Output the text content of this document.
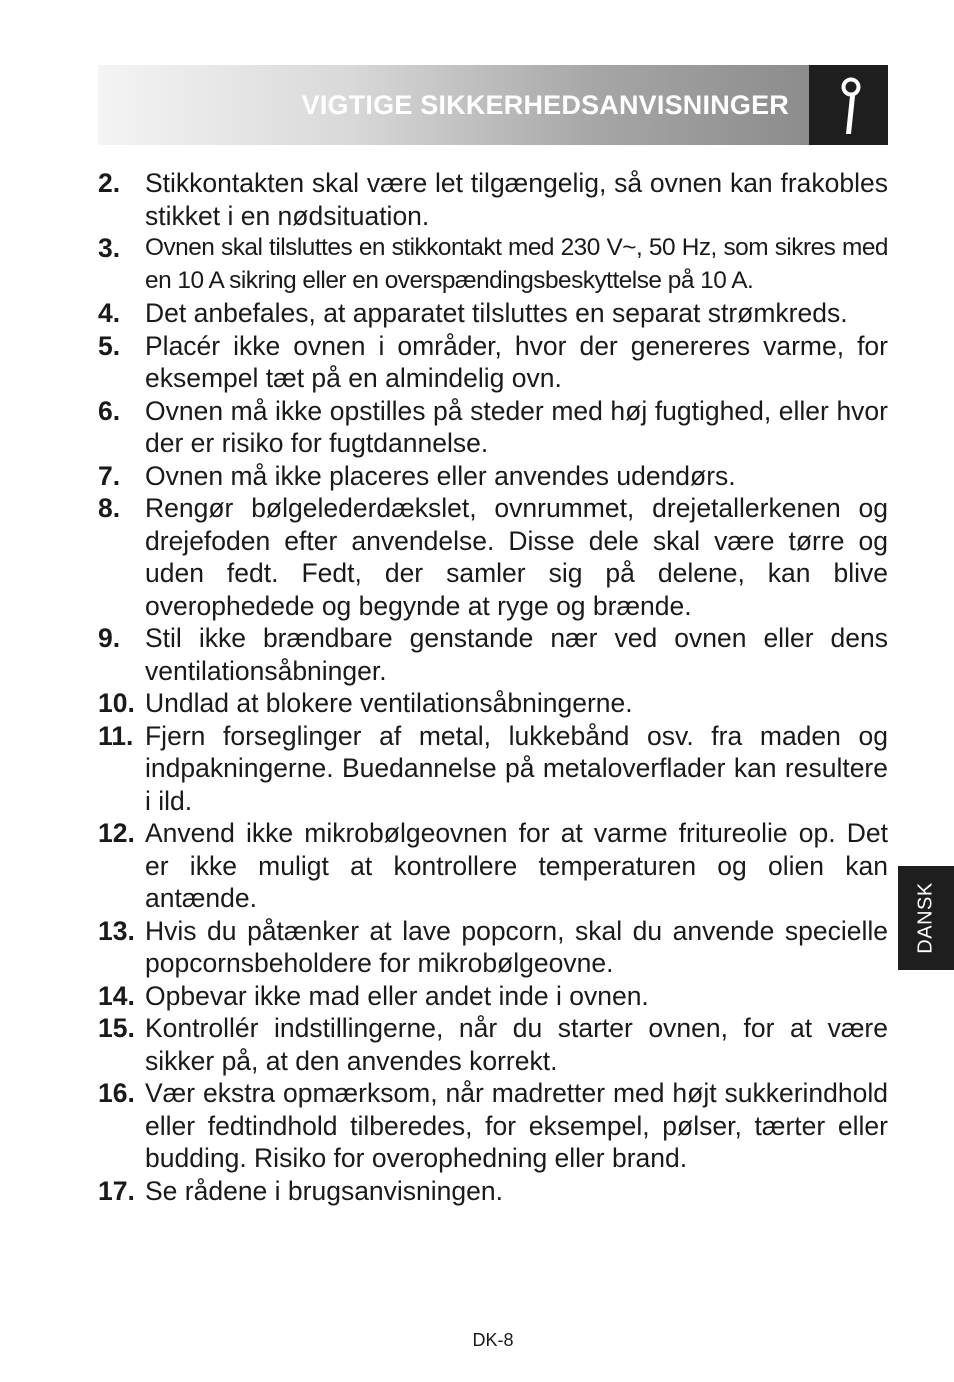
VIGTIGE SIKKERHEDSANVISNINGER
2. Stikkontakten skal være let tilgængelig, så ovnen kan frakobles stikket i en nødsituation.
3. Ovnen skal tilsluttes en stikkontakt med 230 V~, 50 Hz, som sikres med en 10 A sikring eller en overspændingsbeskyttelse på 10 A.
4. Det anbefales, at apparatet tilsluttes en separat strømkreds.
5. Placér ikke ovnen i områder, hvor der genereres varme, for eksempel tæt på en almindelig ovn.
6. Ovnen må ikke opstilles på steder med høj fugtighed, eller hvor der er risiko for fugtdannelse.
7. Ovnen må ikke placeres eller anvendes udendørs.
8. Rengør bølgelederdækslet, ovnrummet, drejetallerkenen og drejefoden efter anvendelse. Disse dele skal være tørre og uden fedt. Fedt, der samler sig på delene, kan blive overophedede og begynde at ryge og brænde.
9. Stil ikke brændbare genstande nær ved ovnen eller dens ventilationsåbninger.
10. Undlad at blokere ventilationsåbningerne.
11. Fjern forseglinger af metal, lukkebånd osv. fra maden og indpakningerne. Buedannelse på metaloverflader kan resultere i ild.
12. Anvend ikke mikrobølgeovnen for at varme fritureolie op. Det er ikke muligt at kontrollere temperaturen og olien kan antænde.
13. Hvis du påtænker at lave popcorn, skal du anvende specielle popcornsbeholdere for mikrobølgeovne.
14. Opbevar ikke mad eller andet inde i ovnen.
15. Kontrollér indstillingerne, når du starter ovnen, for at være sikker på, at den anvendes korrekt.
16. Vær ekstra opmærksom, når madretter med højt sukkerindhold eller fedtindhold tilberedes, for eksempel, pølser, tærter eller budding. Risiko for overophedning eller brand.
17. Se rådene i brugsanvisningen.
DANSK
DK-8
